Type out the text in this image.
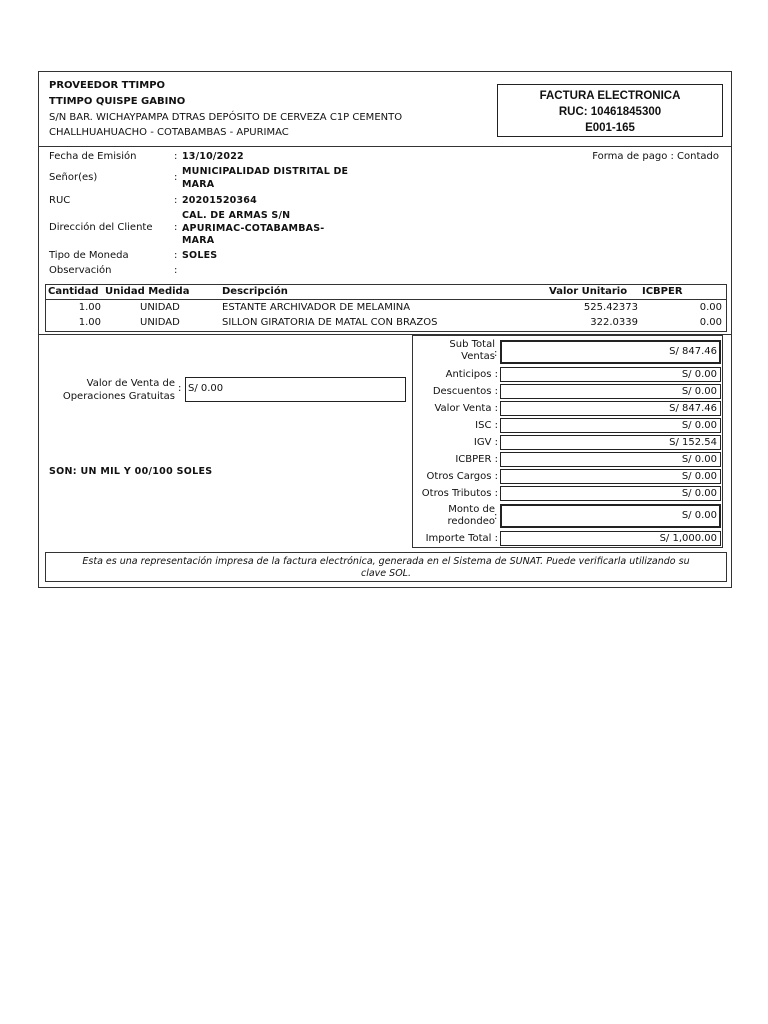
PROVEEDOR TTIMPO
TTIMPO QUISPE GABINO
S/N BAR. WICHAYPAMPA DTRAS DEPÓSITO DE CERVEZA C1P CEMENTO
CHALLHUAHUACHO - COTABAMBAS - APURIMAC
FACTURA ELECTRONICA
RUC: 10461845300
E001-165
Fecha de Emisión	: 13/10/2022	Forma de pago : Contado
Señor(es)	:
MUNICIPALIDAD DISTRITAL DE
MARA
RUC	: 20201520364
Dirección del Cliente :
CAL. DE ARMAS S/N
APURIMAC-COTABAMBAS-
MARA
Tipo de Moneda	: SOLES
Observación	:
Cantidad Unidad Medida	Descripción	Valor Unitario ICBPER
1.00	UNIDAD	ESTANTE ARCHIVADOR DE MELAMINA	525.42373	0.00
1.00	UNIDAD	SILLON GIRATORIA DE MATAL CON BRAZOS	322.0339	0.00
Valor de Venta de
Operaciones Gratuitas
: S/ 0.00
SON: UN MIL Y 00/100 SOLES
Sub Total
Ventas :	S/ 847.46
Anticipos :	S/ 0.00
Descuentos :	S/ 0.00
Valor Venta :	S/ 847.46
ISC :	S/ 0.00
IGV :	S/ 152.54
ICBPER :	S/ 0.00
Otros Cargos :	S/ 0.00
Otros Tributos :	S/ 0.00
Monto de
redondeo :	S/ 0.00
Importe Total :	S/ 1,000.00
Esta es una representación impresa de la factura electrónica, generada en el Sistema de SUNAT. Puede verificarla utilizando su
clave SOL.
